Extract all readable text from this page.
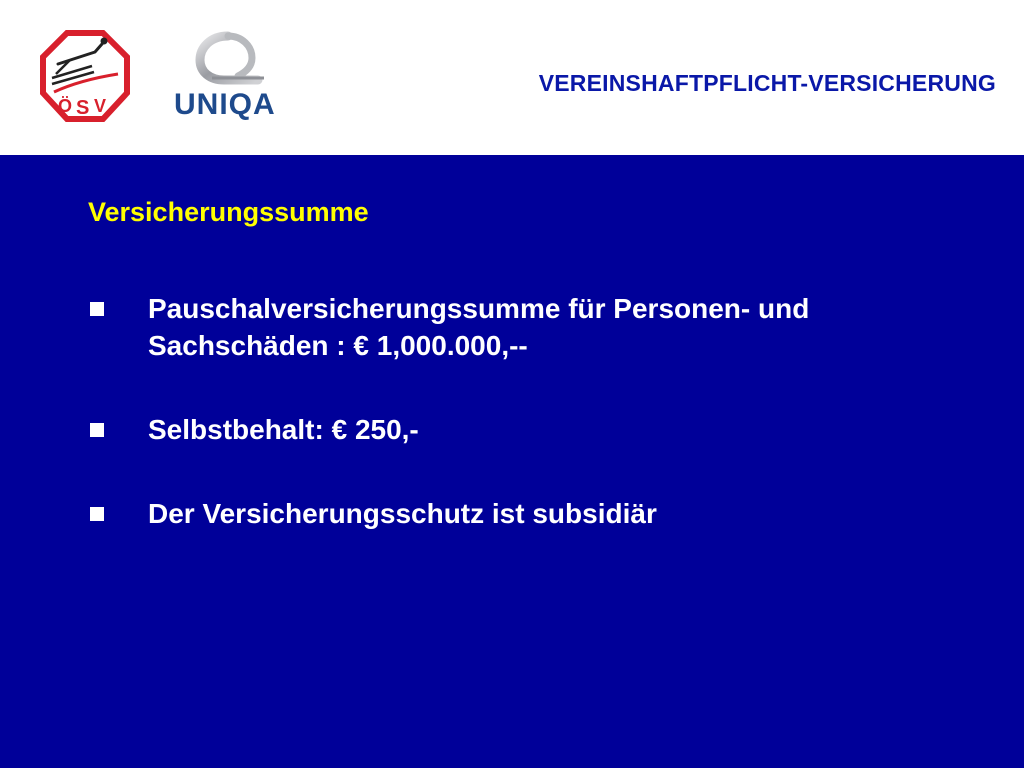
Ö S V UNIQA
VEREINSHAFTPFLICHT-VERSICHERUNG
Versicherungssumme
Pauschalversicherungssumme für Personen- und
Sachschäden : € 1,000.000,--
Selbstbehalt: € 250,-
Der Versicherungsschutz ist subsidiär
